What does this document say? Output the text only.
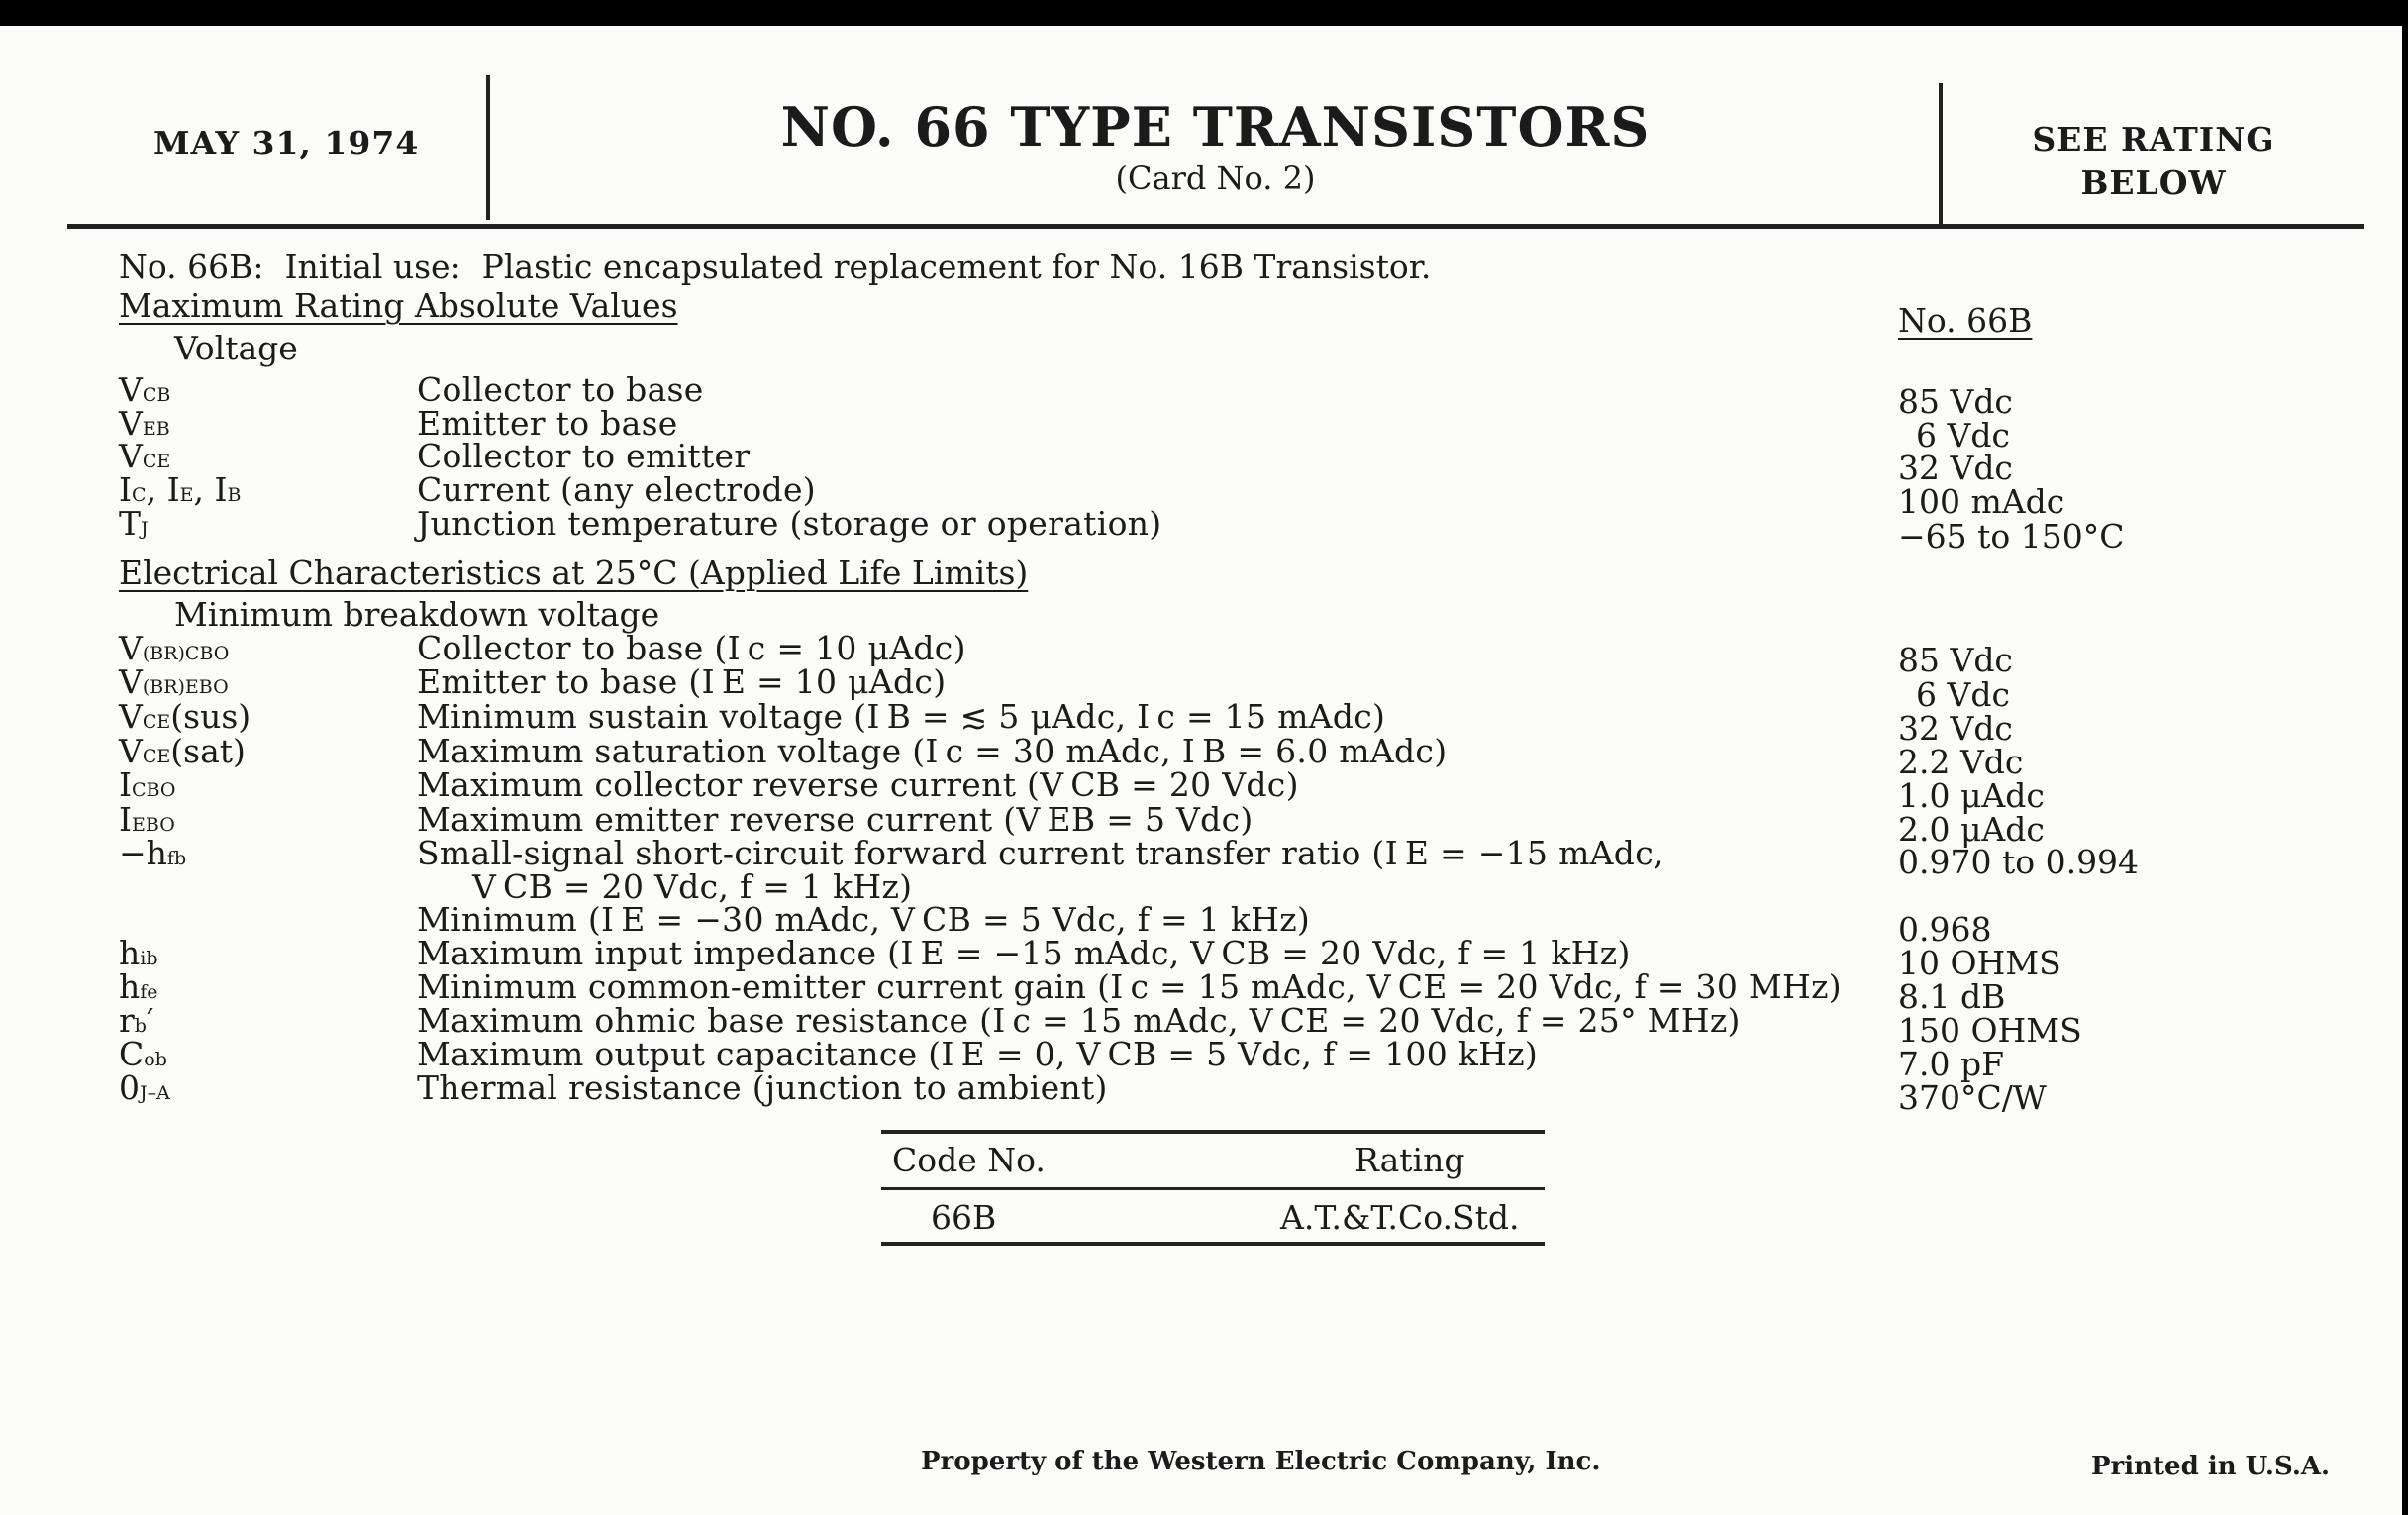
MAY 31, 1974	NO. 66 TYPE TRANSISTORS
(Card No. 2)
SEE RATING
BELOW
No. 66B:  Initial use:  Plastic encapsulated replacement for No. 16B Transistor.
Maximum Rating Absolute Values	No. 66B
Voltage
VCB	Collector to base	85 Vdc
VEB	Emitter to base	6 Vdc
VCE	Collector to emitter	32 Vdc
IC, IE, IB	Current (any electrode)	100 mAdc
TJ	Junction temperature (storage or operation)	−65 to 150°C
Electrical Characteristics at 25°C (Applied Life Limits)
Minimum breakdown voltage
V(BR)CBO	Collector to base (I c = 10 μAdc)	85 Vdc
V(BR)EBO	Emitter to base (I E = 10 μAdc)	6 Vdc
VCE(sus)	Minimum sustain voltage (I B = ≲ 5 μAdc, I c = 15 mAdc)	32 Vdc
VCE(sat)	Maximum saturation voltage (I c = 30 mAdc, I B = 6.0 mAdc)	2.2 Vdc
ICBO	Maximum collector reverse current (V CB = 20 Vdc)	1.0 μAdc
IEBO	Maximum emitter reverse current (V EB = 5 Vdc)	2.0 μAdc
−hfb	Small-signal short-circuit forward current transfer ratio (I E = −15 mAdc,	0.970 to 0.994
V CB = 20 Vdc, f = 1 kHz)
Minimum (I E = −30 mAdc, V CB = 5 Vdc, f = 1 kHz)	0.968
hib	Maximum input impedance (I E = −15 mAdc, V CB = 20 Vdc, f = 1 kHz)	10 OHMS
hfe	Minimum common-emitter current gain (I c = 15 mAdc, V CE = 20 Vdc, f = 30 MHz) 8.1 dB
rb′	Maximum ohmic base resistance (I c = 15 mAdc, V CE = 20 Vdc, f = 25° MHz)	150 OHMS
Cob	Maximum output capacitance (I E = 0, V CB = 5 Vdc, f = 100 kHz)	7.0 pF
0J–A	Thermal resistance (junction to ambient)	370°C/W
Code No.	Rating
66B	A.T.&T.Co.Std.
Property of the Western Electric Company, Inc.	Printed in U.S.A.
